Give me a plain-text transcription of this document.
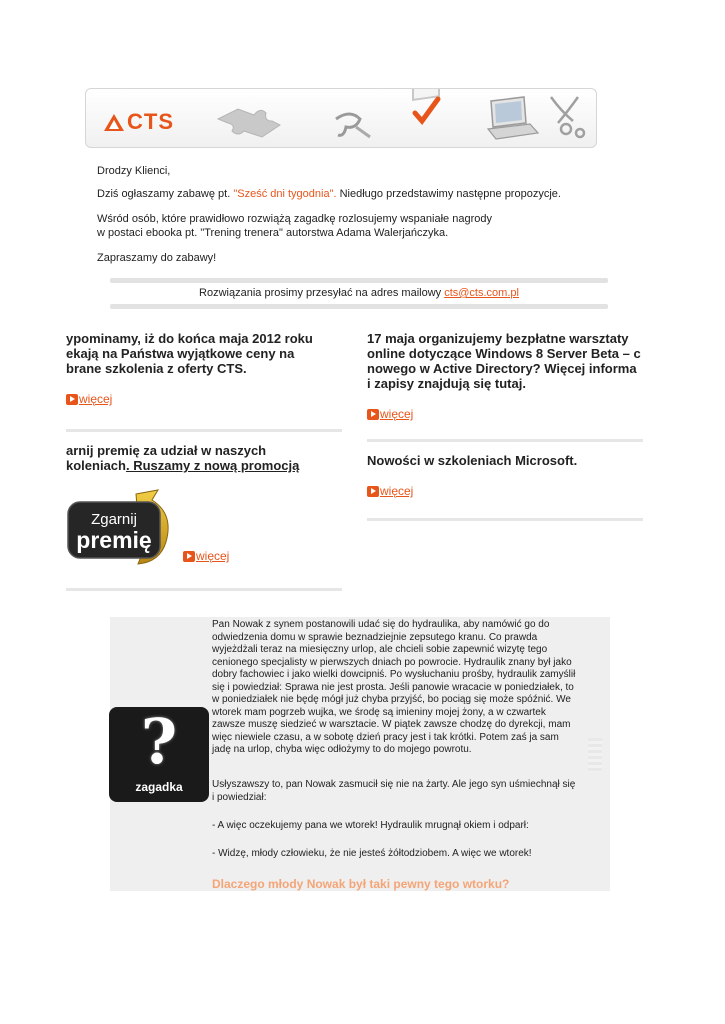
CTS
Drodzy Klienci,
Dziś ogłaszamy zabawę pt. "Sześć dni tygodnia". Niedługo przedstawimy następne propozycje.
Wśród osób, które prawidłowo rozwiążą zagadkę rozlosujemy wspaniałe nagrody
w postaci ebooka pt. "Trening trenera" autorstwa Adama Walerjańczyka.
Zapraszamy do zabawy!
Rozwiązania prosimy przesyłać na adres mailowy cts@cts.com.pl
ypominamy, iż do końca maja 2012 roku
ekają na Państwa wyjątkowe ceny na
brane szkolenia z oferty CTS.
więcej
arnij premię za udział w naszych
koleniach. Ruszamy z nową promocją
Zgarnij
premię
więcej
17 maja organizujemy bezpłatne warsztaty
online dotyczące Windows 8 Server Beta – c
nowego w Active Directory? Więcej informa
i zapisy znajdują się tutaj.
więcej
Nowości w szkoleniach Microsoft.
więcej
?
zagadka
Pan Nowak z synem postanowili udać się do hydraulika, aby namówić go do odwiedzenia domu w sprawie beznadziejnie zepsutego kranu. Co prawda wyjeżdżali teraz na miesięczny urlop, ale chcieli sobie zapewnić wizytę tego cenionego specjalisty w pierwszych dniach po powrocie. Hydraulik znany był jako dobry fachowiec i jako wielki dowcipniś. Po wysłuchaniu prośby, hydraulik zamyślił się i powiedział: Sprawa nie jest prosta. Jeśli panowie wracacie w poniedziałek, to w poniedziałek nie będę mógł już chyba przyjść, bo pociąg się może spóźnić. We wtorek mam pogrzeb wujka, we środę są imieniny mojej żony, a w czwartek zawsze muszę siedzieć w warsztacie. W piątek zawsze chodzę do dyrekcji, mam więc niewiele czasu, a w sobotę dzień pracy jest i tak krótki. Potem zaś ja sam jadę na urlop, chyba więc odłożymy to do mojego powrotu.
Usłyszawszy to, pan Nowak zasmucił się nie na żarty. Ale jego syn uśmiechnął się i powiedział:
- A więc oczekujemy pana we wtorek! Hydraulik mrugnął okiem i odparł:
- Widzę, młody człowieku, że nie jesteś żółtodziobem. A więc we wtorek!
Dlaczego młody Nowak był taki pewny tego wtorku?
